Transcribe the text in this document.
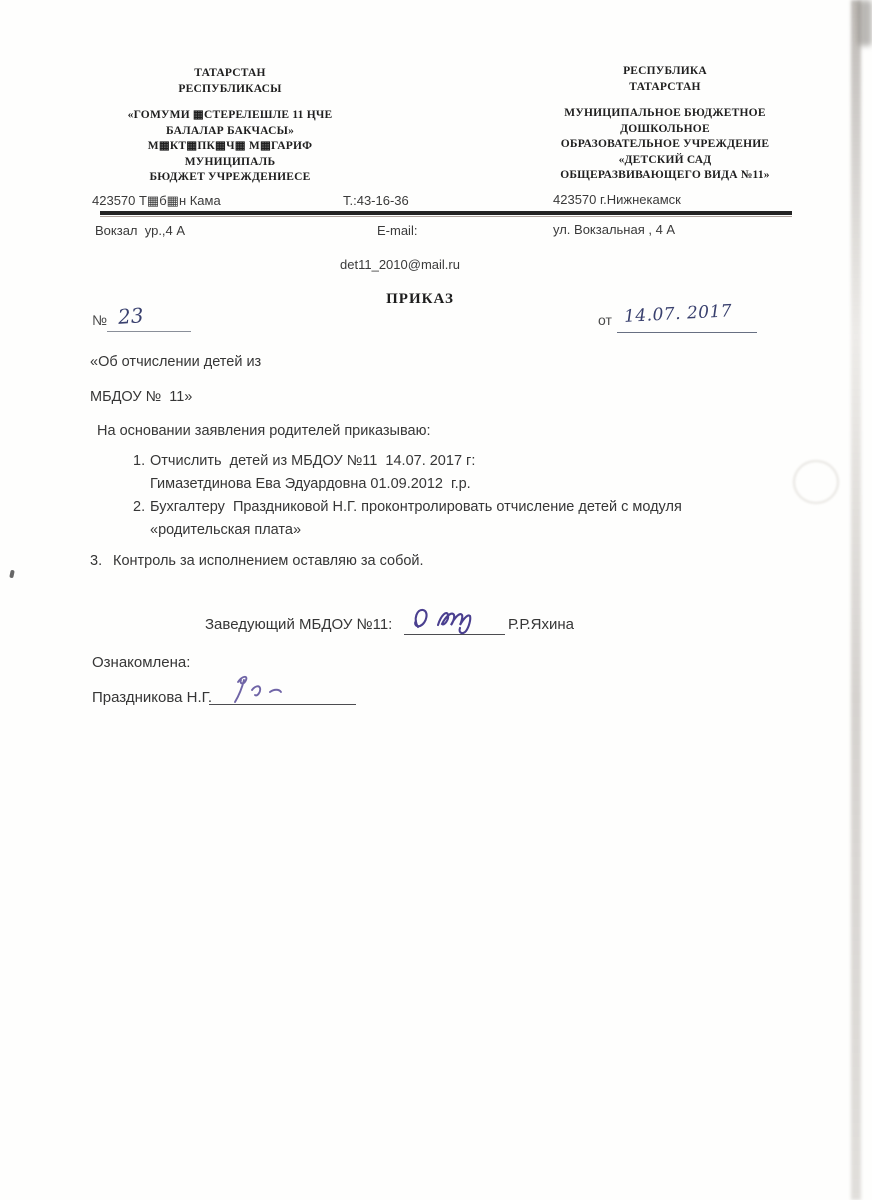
ТАТАРСТАН
РЕСПУБЛИКАСЫ
«ГОМУМИ ▦СТЕРЕЛЕШЛЕ 11 ҢЧЕ
БАЛАЛАР БАКЧАСЫ»
М▦КТ▦ПК▦Ч▦ М▦ГАРИФ
МУНИЦИПАЛЬ
БЮДЖЕТ УЧРЕЖДЕНИЕСЕ
РЕСПУБЛИКА
ТАТАРСТАН
МУНИЦИПАЛЬНОЕ БЮДЖЕТНОЕ
ДОШКОЛЬНОЕ
ОБРАЗОВАТЕЛЬНОЕ УЧРЕЖДЕНИЕ
«ДЕТСКИЙ САД
ОБЩЕРАЗВИВАЮЩЕГО ВИДА №11»
423570 Т▦б▦н Кама	Т.:43-16-36	423570 г.Нижнекамск
Вокзал  ур.,4 А	E-mail:	ул. Вокзальная , 4 А
det11_2010@mail.ru
ПРИКАЗ
№ 23	от 14.07. 2017
«Об отчислении детей из
МБДОУ №  11»
На основании заявления родителей приказываю:
1. Отчислить  детей из МБДОУ №11  14.07. 2017 г:
Гимазетдинова Ева Эдуардовна 01.09.2012  г.р.
2. Бухгалтеру  Праздниковой Н.Г. проконтролировать отчисление детей с модуля
«родительская плата»
3. Контроль за исполнением оставляю за собой.
Заведующий МБДОУ №11:	Р.Р.Яхина
Ознакомлена:
Праздникова Н.Г.
